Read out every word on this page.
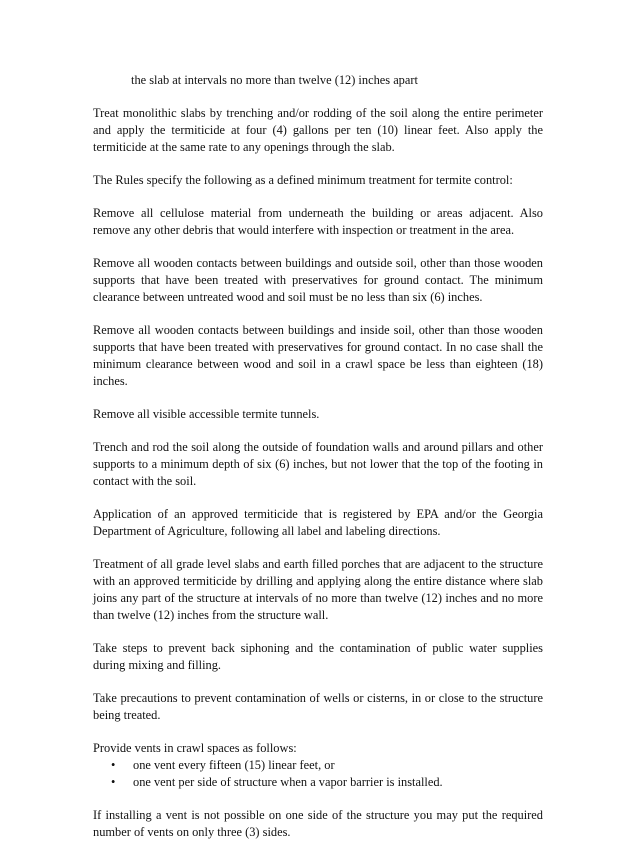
the slab at intervals no more than twelve (12) inches apart

Treat monolithic slabs by trenching and/or rodding of the soil along the entire perimeter and apply the termiticide at four (4) gallons per ten (10) linear feet. Also apply the termiticide at the same rate to any openings through the slab.

The Rules specify the following as a defined minimum treatment for termite control:

Remove all cellulose material from underneath the building or areas adjacent. Also remove any other debris that would interfere with inspection or treatment in the area.

Remove all wooden contacts between buildings and outside soil, other than those wooden supports that have been treated with preservatives for ground contact. The minimum clearance between untreated wood and soil must be no less than six (6) inches.

Remove all wooden contacts between buildings and inside soil, other than those wooden supports that have been treated with preservatives for ground contact. In no case shall the minimum clearance between wood and soil in a crawl space be less than eighteen (18) inches.

Remove all visible accessible termite tunnels.

Trench and rod the soil along the outside of foundation walls and around pillars and other supports to a minimum depth of six (6) inches, but not lower that the top of the footing in contact with the soil.

Application of an approved termiticide that is registered by EPA and/or the Georgia Department of Agriculture, following all label and labeling directions.

Treatment of all grade level slabs and earth filled porches that are adjacent to the structure with an approved termiticide by drilling and applying along the entire distance where slab joins any part of the structure at intervals of no more than twelve (12) inches and no more than twelve (12) inches from the structure wall.

Take steps to prevent back siphoning and the contamination of public water supplies during mixing and filling.

Take precautions to prevent contamination of wells or cisterns, in or close to the structure being treated.

Provide vents in crawl spaces as follows:

• one vent every fifteen (15) linear feet, or
• one vent per side of structure when a vapor barrier is installed.

If installing a vent is not possible on one side of the structure you may put the required number of vents on only three (3) sides.
